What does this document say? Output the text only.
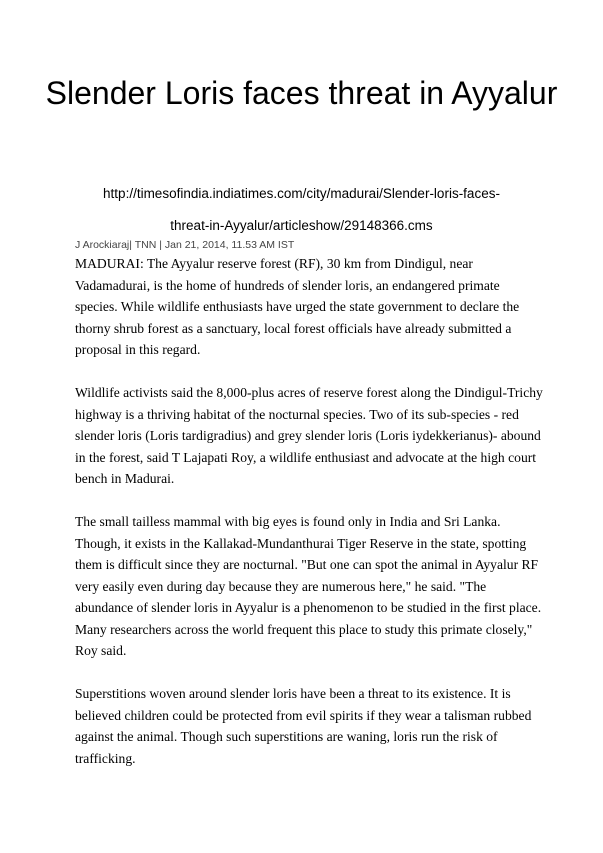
Slender Loris faces threat in Ayyalur
http://timesofindia.indiatimes.com/city/madurai/Slender-loris-faces-
threat-in-Ayyalur/articleshow/29148366.cms
J Arockiaraj| TNN | Jan 21, 2014, 11.53 AM IST

MADURAI: The Ayyalur reserve forest (RF), 30 km from Dindigul, near Vadamadurai, is the home of hundreds of slender loris, an endangered primate species. While wildlife enthusiasts have urged the state government to declare the thorny shrub forest as a sanctuary, local forest officials have already submitted a proposal in this regard.

Wildlife activists said the 8,000-plus acres of reserve forest along the Dindigul-Trichy highway is a thriving habitat of the nocturnal species. Two of its sub-species - red slender loris (Loris tardigradius) and grey slender loris (Loris iydekkerianus)- abound in the forest, said T Lajapati Roy, a wildlife enthusiast and advocate at the high court bench in Madurai.

The small tailless mammal with big eyes is found only in India and Sri Lanka. Though, it exists in the Kallakad-Mundanthurai Tiger Reserve in the state, spotting them is difficult since they are nocturnal. "But one can spot the animal in Ayyalur RF very easily even during day because they are numerous here," he said. "The abundance of slender loris in Ayyalur is a phenomenon to be studied in the first place. Many researchers across the world frequent this place to study this primate closely," Roy said.

Superstitions woven around slender loris have been a threat to its existence. It is believed children could be protected from evil spirits if they wear a talisman rubbed against the animal. Though such superstitions are waning, loris run the risk of trafficking.
